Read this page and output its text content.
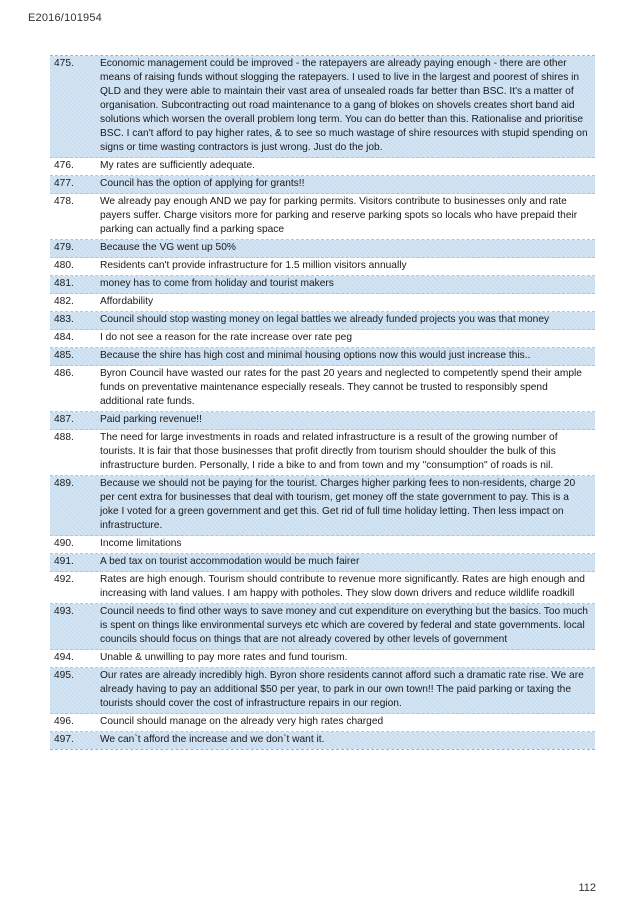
E2016/101954
475.	Economic management could be improved - the ratepayers are already paying enough - there are other means of raising funds without slogging the ratepayers. I used to live in the largest and poorest of shires in QLD and they were able to maintain their vast area of unsealed roads far better than BSC. It's a matter of organisation. Subcontracting out road maintenance to a gang of blokes on shovels creates short band aid solutions which worsen the overall problem long term. You can do better than this. Rationalise and prioritise BSC. I can't afford to pay higher rates, & to see so much wastage of shire resources with stupid spending on signs or time wasting contractors is just wrong. Just do the job.
476.	My rates are sufficiently adequate.
477.	Council has the option of applying for grants!!
478.	We already pay enough AND we pay for parking permits. Visitors contribute to businesses only and rate payers suffer. Charge visitors more for parking and reserve parking spots so locals who have prepaid their parking can actually find a parking space
479.	Because the VG went up 50%
480.	Residents can't provide infrastructure for 1.5 million visitors annually
481.	money has to come from holiday and tourist makers
482.	Affordability
483.	Council should stop wasting money on legal battles we already funded projects you was that money
484.	I do not see a reason for the rate increase over rate peg
485.	Because the shire has high cost and minimal housing options now this would just increase this..
486.	Byron Council have wasted our rates for the past 20 years and neglected to competently spend their ample funds on preventative maintenance especially reseals. They cannot be trusted to responsibly spend additional rate funds.
487.	Paid parking revenue!!
488.	The need for large investments in roads and related infrastructure is a result of the growing number of tourists. It is fair that those businesses that profit directly from tourism should shoulder the bulk of this infrastructure burden. Personally, I ride a bike to and from town and my "consumption" of roads is nil.
489.	Because we should not be paying for the tourist. Charges higher parking fees to non-residents, charge 20 per cent extra for businesses that deal with tourism, get money off the state government to pay. This is a joke I voted for a green government and get this. Get rid of full time holiday letting. Then less impact on infrastructure.
490.	Income limitations
491.	A bed tax on tourist accommodation would be much fairer
492.	Rates are high enough. Tourism should contribute to revenue more significantly. Rates are high enough and increasing with land values. I am happy with potholes. They slow down drivers and reduce wildlife roadkill
493.	Council needs to find other ways to save money and cut expenditure on everything but the basics. Too much is spent on things like environmental surveys etc which are covered by federal and state governments. local councils should focus on things that are not already covered by other levels of government
494.	Unable & unwilling to pay more rates and fund tourism.
495.	Our rates are already incredibly high. Byron shore residents cannot afford such a dramatic rate rise. We are already having to pay an additional $50 per year, to park in our own town!! The paid parking or taxing the tourists should cover the cost of infrastructure repairs in our region.
496.	Council should manage on the already very high rates charged
497.	We can`t afford the increase and we don`t want it.
112
